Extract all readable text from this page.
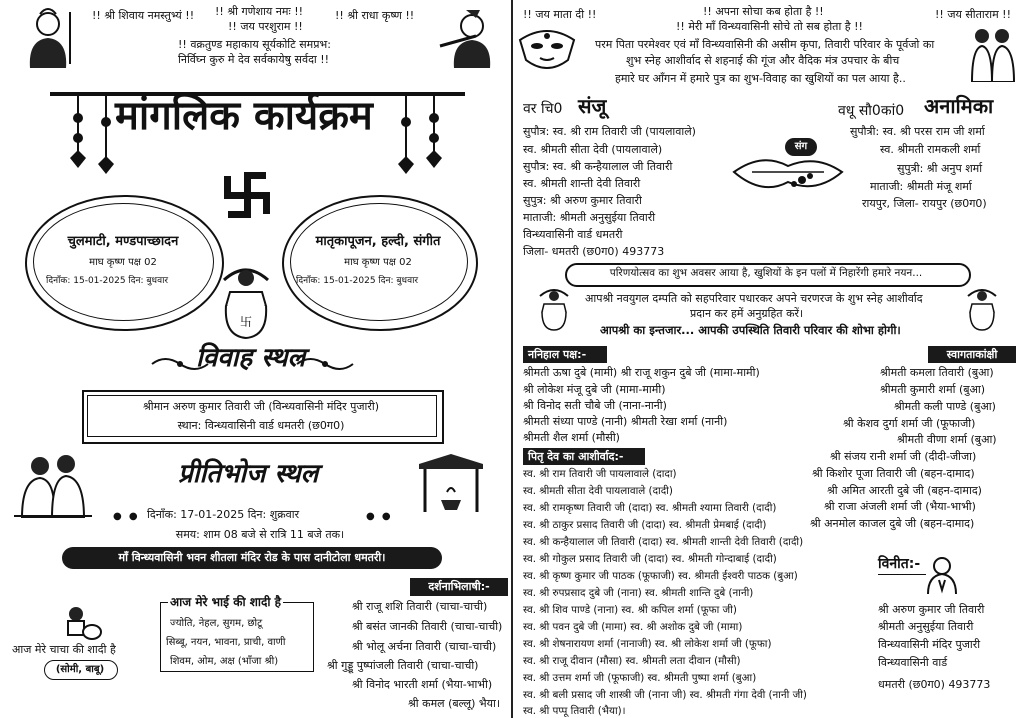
!! श्री शिवाय नमस्तुभ्यं !! !! श्री गणेशाय नमः !!
!! जय परशुराम !!
!! श्री राधा कृष्ण !!
!! वक्रतुण्ड महाकाय सूर्यकोटि समप्रभ:
निर्विघ्न कुरु मे देव सर्वकायेषु सर्वदा !!
मांगलिक कार्यक्रम
चुलमाटी, मण्डपाच्छादन
माघ कृष्ण पक्ष 02
दिनाँक: 15-01-2025 दिन: बुधवार
मातृकापूजन, हल्दी, संगीत
माघ कृष्ण पक्ष 02
दिनाँक: 15-01-2025 दिन: बुधवार
卐
विवाह स्थल
श्रीमान अरुण कुमार तिवारी जी (विन्ध्यवासिनी मंदिर पुजारी)
स्थान: विन्ध्यवासिनी वार्ड धमतरी (छ0ग0)
प्रीतिभोज स्थल
● ● दिनाँक: 17-01-2025 दिन: शुक्रवार	● ●
समय: शाम 08 बजे से रात्रि 11 बजे तक।
माँ विन्ध्यवासिनी भवन शीतला मंदिर रोड के पास दानीटोला धमतरी।
दर्शनाभिलाषी:-
श्री राजू शशि तिवारी (चाचा-चाची)
श्री बसंत जानकी तिवारी (चाचा-चाची)
श्री भोलू अर्चना तिवारी (चाचा-चाची)
श्री गुड्डू पुष्पांजली तिवारी (चाचा-चाची)
श्री विनोद भारती शर्मा (भैया-भाभी)
श्री कमल (बल्लू) भैया।
आज मेरे भाई की शादी है
ज्योति, नेहल, सुगम, छोटू
सिब्बू, नयन, भावना, प्राची, वाणी
शिवम, ओम, अक्ष (भाँजा श्री)
आज मेरे चाचा की शादी है
(सोमी, बाबू)
!! जय माता दी !!	!! अपना सोचा कब होता है !!
!! मेरी माँ विन्ध्यवासिनी सोचे तो सब होता है !!
!! जय सीताराम !!
परम पिता परमेश्वर एवं माँ विन्ध्यवासिनी की असीम कृपा, तिवारी परिवार के पूर्वजो का
शुभ स्नेह आशीर्वाद से शहनाई की गूंज और वैदिक मंत्र उपचार के बीच
हमारे घर आँगन में हमारे पुत्र का शुभ-विवाह का खुशियों का पल आया है..
वर चि0 संजू
सुपौत्र: स्व. श्री राम तिवारी जी (पायलावाले)
स्व. श्रीमती सीता देवी (पायलावाले)
सुपौत्र: स्व. श्री कन्हैयालाल जी तिवारी
स्व. श्रीमती शान्ती देवी तिवारी
सुपुत्र: श्री अरुण कुमार तिवारी
माताजी: श्रीमती अनुसुईया तिवारी
विन्ध्यवासिनी वार्ड धमतरी
जिला- धमतरी (छ0ग0) 493773
वधू सौ0कां0 अनामिका
सुपौत्री: स्व. श्री परस राम जी शर्मा
स्व. श्रीमती रामकली शर्मा
सुपुत्री: श्री अनुप शर्मा
माताजी: श्रीमती मंजू शर्मा
रायपुर, जिला- रायपुर (छ0ग0)
संग
परिणयोत्सव का शुभ अवसर आया है, खुशियों के इन पलों में निहारेंगी हमारे नयन...
आपश्री नवयुगल दम्पति को सहपरिवार पधारकर अपने चरणरज के शुभ स्नेह आशीर्वाद
प्रदान कर हमें अनुग्रहित करें।
आपश्री का इन्तजार... आपकी उपस्थिति तिवारी परिवार की शोभा होगी।
ननिहाल पक्ष:-
श्रीमती ऊषा दुबे (मामी) श्री राजू शकुन दुबे जी (मामा-मामी)
श्री लोकेश मंजू दुबे जी (मामा-मामी)
श्री विनोद सती चौबे जी (नाना-नानी)
श्रीमती संध्या पाण्डे (नानी) श्रीमती रेखा शर्मा (नानी)
श्रीमती शैल शर्मा (मौसी)
स्वागताकांक्षी
श्रीमती कमला तिवारी (बुआ)
श्रीमती कुमारी शर्मा (बुआ)
श्रीमती कली पाण्डे (बुआ)
श्री केशव दुर्गा शर्मा जी (फूफाजी)
श्रीमती वीणा शर्मा (बुआ)
श्री संजय रानी शर्मा जी (दीदी-जीजा)
श्री किशोर पूजा तिवारी जी (बहन-दामाद)
श्री अमित आरती दुबे जी (बहन-दामाद)
श्री राजा अंजली शर्मा जी (भैया-भाभी)
श्री अनमोल काजल दुबे जी (बहन-दामाद)
पितृ देव का आशीर्वाद:-
स्व. श्री राम तिवारी जी पायलावाले (दादा)
स्व. श्रीमती सीता देवी पायलावाले (दादी)
स्व. श्री रामकृष्ण तिवारी जी (दादा) स्व. श्रीमती श्यामा तिवारी (दादी)
स्व. श्री ठाकुर प्रसाद तिवारी जी (दादा) स्व. श्रीमती प्रेमबाई (दादी)
स्व. श्री कन्हैयालाल जी तिवारी (दादा) स्व. श्रीमती शान्ती देवी तिवारी (दादी)
स्व. श्री गोकुल प्रसाद तिवारी जी (दादा) स्व. श्रीमती गोन्दाबाई (दादी)
स्व. श्री कृष्ण कुमार जी पाठक (फूफाजी) स्व. श्रीमती ईश्वरी पाठक (बुआ)
स्व. श्री रुपप्रसाद दुबे जी (नाना) स्व. श्रीमती शान्ति दुबे (नानी)
स्व. श्री शिव पाण्डे (नाना) स्व. श्री कपिल शर्मा (फूफा जी)
स्व. श्री पवन दुबे जी (मामा) स्व. श्री अशोक दुबे जी (मामा)
स्व. श्री शेषनारायण शर्मा (नानाजी) स्व. श्री लोकेश शर्मा जी (फूफा)
स्व. श्री राजू दीवान (मौसा) स्व. श्रीमती लता दीवान (मौसी)
स्व. श्री उत्तम शर्मा जी (फूफाजी) स्व. श्रीमती पुष्पा शर्मा (बुआ)
स्व. श्री बली प्रसाद जी शास्त्री जी (नाना जी) स्व. श्रीमती गंगा देवी (नानी जी)
स्व. श्री पप्पू तिवारी (भैया)।
विनीत:-
श्री अरुण कुमार जी तिवारी
श्रीमती अनुसुईया तिवारी
विन्ध्यवासिनी मंदिर पुजारी
विन्ध्यवासिनी वार्ड
धमतरी (छ0ग0) 493773
